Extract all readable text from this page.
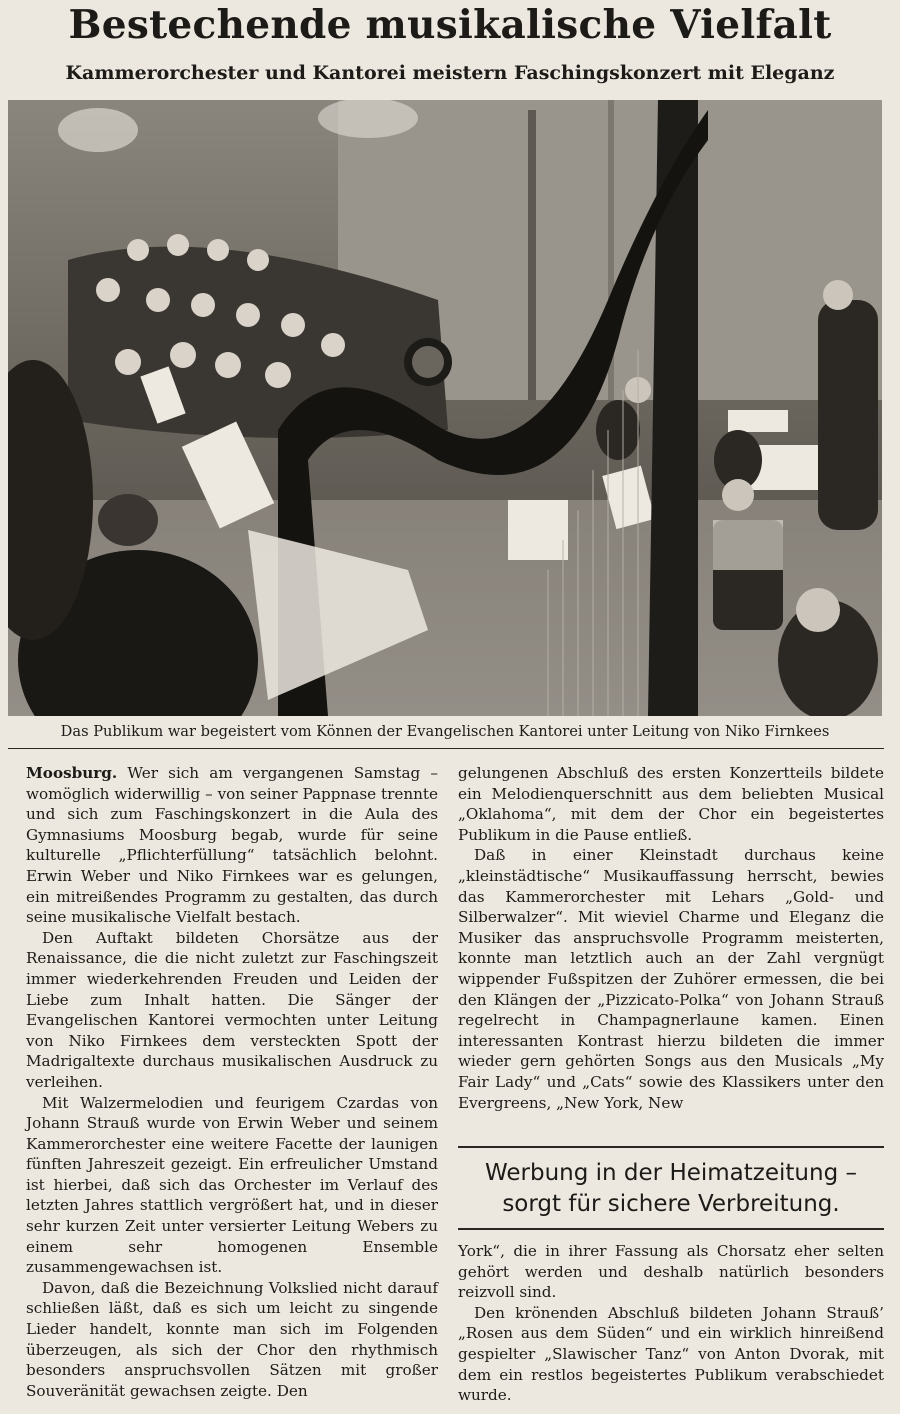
Bestechende musikalische Vielfalt
Kammerorchester und Kantorei meistern Faschingskonzert mit Eleganz
Das Publikum war begeistert vom Können der Evangelischen Kantorei unter Leitung von Niko Firnkees

Moosburg. Wer sich am vergangenen Samstag – womöglich widerwillig – von seiner Pappnase trennte und sich zum Faschingskonzert in die Aula des Gymnasiums Moosburg begab, wurde für seine kulturelle „Pflichterfüllung“ tatsächlich belohnt. Erwin Weber und Niko Firnkees war es gelungen, ein mitreißendes Programm zu gestalten, das durch seine musikalische Vielfalt bestach.

Den Auftakt bildeten Chorsätze aus der Renaissance, die die nicht zuletzt zur Faschingszeit immer wiederkehrenden Freuden und Leiden der Liebe zum Inhalt hatten. Die Sänger der Evangelischen Kantorei vermochten unter Leitung von Niko Firnkees dem versteckten Spott der Madrigaltexte durchaus musikalischen Ausdruck zu verleihen.

Mit Walzermelodien und feurigem Czardas von Johann Strauß wurde von Erwin Weber und seinem Kammerorchester eine weitere Facette der launigen fünften Jahreszeit gezeigt. Ein erfreulicher Umstand ist hierbei, daß sich das Orchester im Verlauf des letzten Jahres stattlich vergrößert hat, und in dieser sehr kurzen Zeit unter versierter Leitung Webers zu einem sehr homogenen Ensemble zusammengewachsen ist.

Davon, daß die Bezeichnung Volkslied nicht darauf schließen läßt, daß es sich um leicht zu singende Lieder handelt, konnte man sich im Folgenden überzeugen, als sich der Chor den rhythmisch besonders anspruchsvollen Sätzen mit großer Souveränität gewachsen zeigte. Den

gelungenen Abschluß des ersten Konzertteils bildete ein Melodienquerschnitt aus dem beliebten Musical „Oklahoma“, mit dem der Chor ein begeistertes Publikum in die Pause entließ.

Daß in einer Kleinstadt durchaus keine „kleinstädtische“ Musikauffassung herrscht, bewies das Kammerorchester mit Lehars „Gold- und Silberwalzer“. Mit wieviel Charme und Eleganz die Musiker das anspruchsvolle Programm meisterten, konnte man letztlich auch an der Zahl vergnügt wippender Fußspitzen der Zuhörer ermessen, die bei den Klängen der „Pizzicato-Polka“ von Johann Strauß regelrecht in Champagnerlaune kamen. Einen interessanten Kontrast hierzu bildeten die immer wieder gern gehörten Songs aus den Musicals „My Fair Lady“ und „Cats“ sowie des Klassikers unter den Evergreens, „New York, New

Werbung in der Heimatzeitung –
sorgt für sichere Verbreitung.

York“, die in ihrer Fassung als Chorsatz eher selten gehört werden und deshalb natürlich besonders reizvoll sind.

Den krönenden Abschluß bildeten Johann Strauß’ „Rosen aus dem Süden“ und ein wirklich hinreißend gespielter „Slawischer Tanz“ von Anton Dvorak, mit dem ein restlos begeistertes Publikum verabschiedet wurde.
